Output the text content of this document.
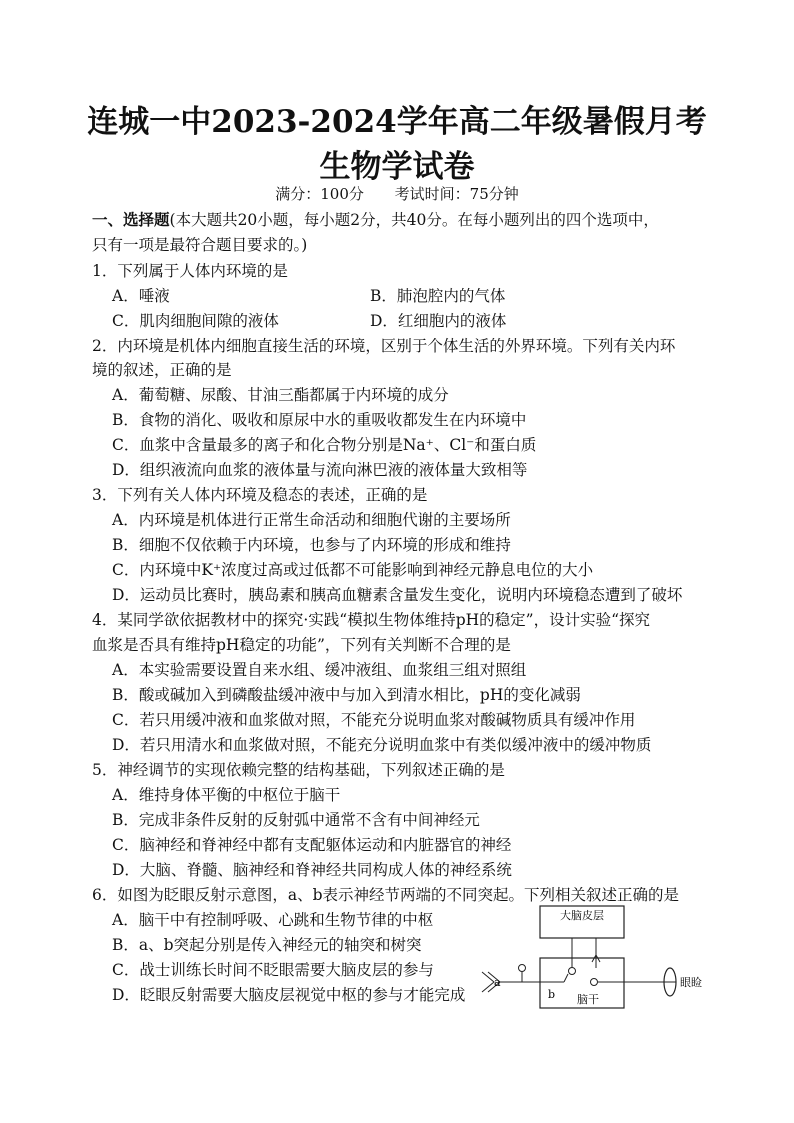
连城一中2023-2024学年高二年级暑假月考
生物学试卷
满分：100分 考试时间：75分钟
一、选择题(本大题共20小题，每小题2分，共40分。在每小题列出的四个选项中，
只有一项是最符合题目要求的。)
1．下列属于人体内环境的是
A．唾液	B．肺泡腔内的气体
C．肌肉细胞间隙的液体	D．红细胞内的液体
2．内环境是机体内细胞直接生活的环境，区别于个体生活的外界环境。下列有关内环
境的叙述，正确的是
A．葡萄糖、尿酸、甘油三酯都属于内环境的成分
B．食物的消化、吸收和原尿中水的重吸收都发生在内环境中
C．血浆中含量最多的离子和化合物分别是Na⁺、Cl⁻和蛋白质
D．组织液流向血浆的液体量与流向淋巴液的液体量大致相等
3．下列有关人体内环境及稳态的表述，正确的是
A．内环境是机体进行正常生命活动和细胞代谢的主要场所
B．细胞不仅依赖于内环境，也参与了内环境的形成和维持
C．内环境中K⁺浓度过高或过低都不可能影响到神经元静息电位的大小
D．运动员比赛时，胰岛素和胰高血糖素含量发生变化，说明内环境稳态遭到了破坏
4．某同学欲依据教材中的探究·实践“模拟生物体维持pH的稳定”，设计实验“探究
血浆是否具有维持pH稳定的功能”，下列有关判断不合理的是
A．本实验需要设置自来水组、缓冲液组、血浆组三组对照组
B．酸或碱加入到磷酸盐缓冲液中与加入到清水相比，pH的变化减弱
C．若只用缓冲液和血浆做对照，不能充分说明血浆对酸碱物质具有缓冲作用
D．若只用清水和血浆做对照，不能充分说明血浆中有类似缓冲液中的缓冲物质
5．神经调节的实现依赖完整的结构基础，下列叙述正确的是
A．维持身体平衡的中枢位于脑干
B．完成非条件反射的反射弧中通常不含有中间神经元
C．脑神经和脊神经中都有支配躯体运动和内脏器官的神经
D．大脑、脊髓、脑神经和脊神经共同构成人体的神经系统
6．如图为眨眼反射示意图，a、b表示神经节两端的不同突起。下列相关叙述正确的是
A．脑干中有控制呼吸、心跳和生物节律的中枢
B．a、b突起分别是传入神经元的轴突和树突
C．战士训练长时间不眨眼需要大脑皮层的参与
D．眨眼反射需要大脑皮层视觉中枢的参与才能完成
大脑皮层
脑干
a
b
眼睑
